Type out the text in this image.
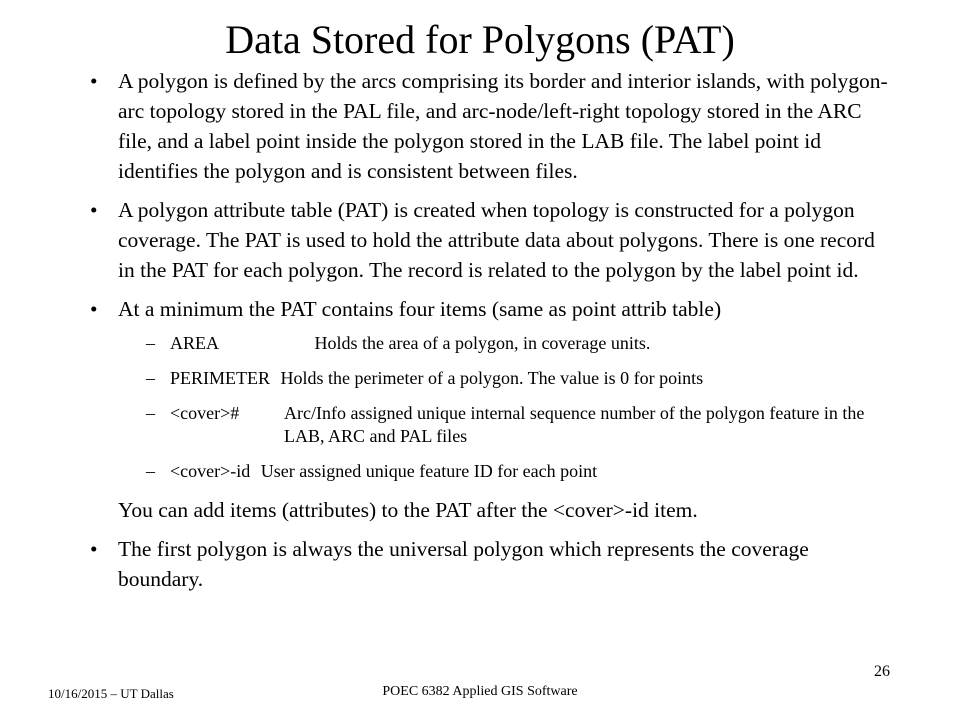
Data Stored for Polygons (PAT)
• A polygon is defined by the arcs comprising its border and interior islands, with polygon-arc topology stored in the PAL file, and arc-node/left-right topology stored in the ARC file, and a label point inside the polygon stored in the LAB file. The label point id identifies the polygon and is consistent between files.
• A polygon attribute table (PAT) is created when topology is constructed for a polygon coverage. The PAT is used to hold the attribute data about polygons. There is one record in the PAT for each polygon. The record is related to the polygon by the label point id.
• At a minimum the PAT contains four items (same as point attrib table)
– AREA	Holds the area of a polygon, in coverage units.
– PERIMETER Holds the perimeter of a polygon. The value is 0 for points
– <cover>#	Arc/Info assigned unique internal sequence number of the polygon feature in the LAB, ARC and PAL files
– <cover>-id User assigned unique feature ID for each point
You can add items (attributes) to the PAT after the <cover>-id item.
• The first polygon is always the universal polygon which represents the coverage boundary.
26
10/16/2015 – UT Dallas	POEC 6382 Applied GIS Software
